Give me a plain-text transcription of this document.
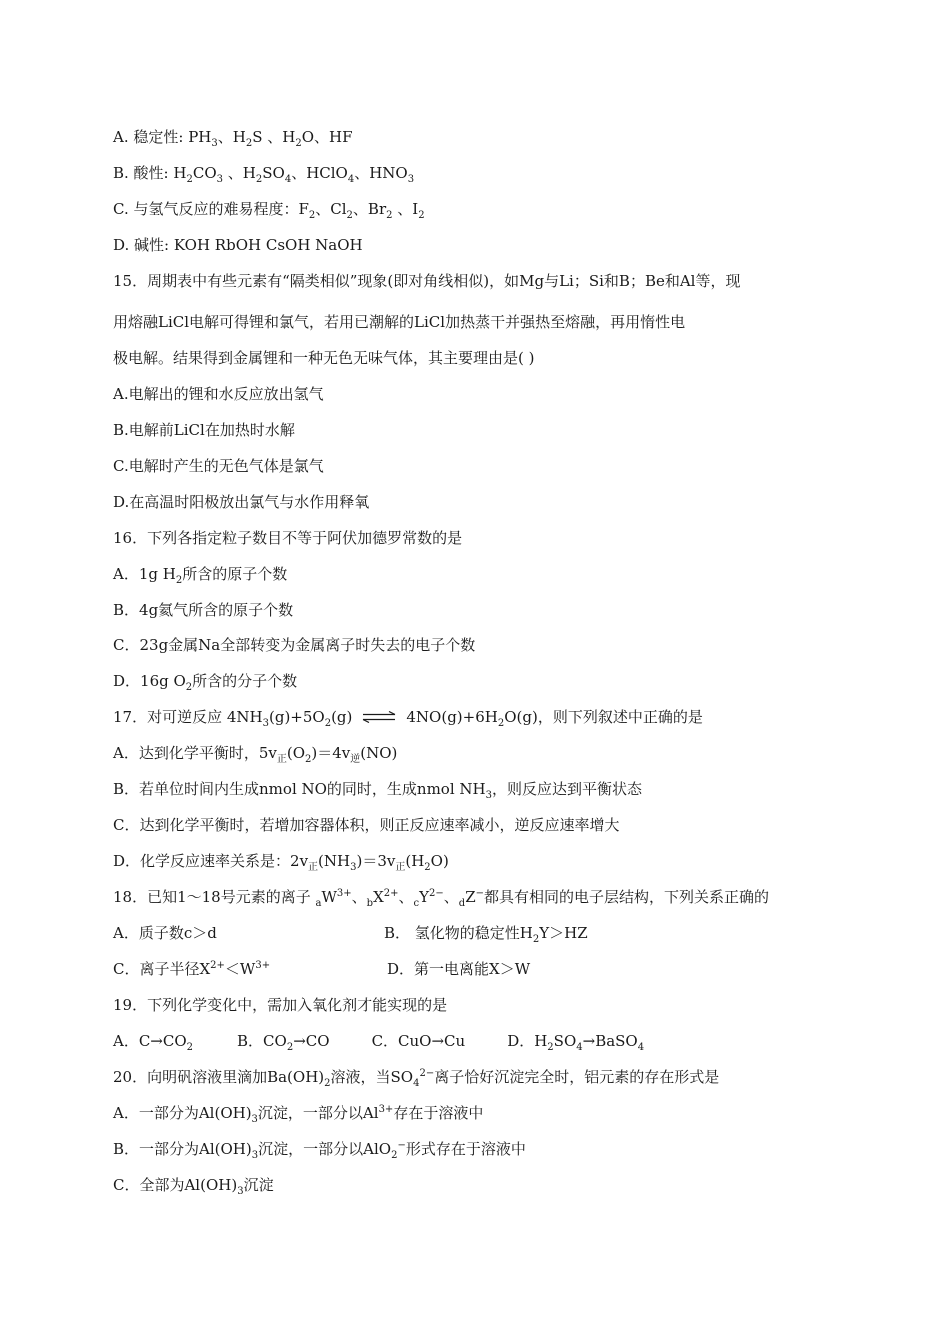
A. 稳定性: $PH_3$、$H_2S$ 、$H_2O$、HF
B. 酸性: $H_2CO_3$ 、$H_2SO_4$、HClO$_4$、$HNO_3$
C. 与氢气反应的难易程度：$F_2$、$Cl_2$、$Br_2$ 、$I_2$
D. 碱性: KOH RbOH CsOH NaOH
15．周期表中有些元素有“隔类相似”现象(即对角线相似)，如Mg与Li；Si和B；Be和Al等，现
用熔融LiCl电解可得锂和氯气，若用已潮解的LiCl加热蒸干并强热至熔融，再用惰性电
极电解。结果得到金属锂和一种无色无味气体，其主要理由是( )
A.电解出的锂和水反应放出氢气
B.电解前LiCl在加热时水解
C.电解时产生的无色气体是氯气
D.在高温时阳极放出氯气与水作用释氧
16．下列各指定粒子数目不等于阿伏加德罗常数的是
A．1g $H_2$所含的原子个数
B．4g氦气所含的原子个数
C．23g金属Na全部转变为金属离子时失去的电子个数
D．16g $O_2$所含的分子个数
17．对可逆反应 $4NH_3(g)+5O_2(g)$ ⇌ $4NO(g)+6H_2O(g)$，则下列叙述中正确的是
A．达到化学平衡时，$5v_正(O_2)=4v_逆(NO)$
B．若单位时间内生成nmol NO的同时，生成nmol $NH_3$，则反应达到平衡状态
C．达到化学平衡时，若增加容器体积，则正反应速率减小，逆反应速率增大
D．化学反应速率关系是：$2v_正(NH_3)=3v_正(H_2O)$
18．已知1～18号元素的离子 $_aW^{3+}$、$_bX^{2+}$、$_cY^{2-}$、$_d$Z−都具有相同的电子层结构，下列关系正确的
A．质子数c＞d	B． 氢化物的稳定性$H_2Y>HZ$
C．离子半径$X^{2+}<W^{3+}$	D．第一电离能X＞W
19．下列化学变化中，需加入氧化剂才能实现的是
A．$C\to CO_2$	B．$CO_2\to CO$	C．CuO→Cu	D．$H_2SO_4\to BaSO_4$
20．向明矾溶液里滴加$Ba(OH)_2$溶液，当$SO_4^{2-}$离子恰好沉淀完全时，铝元素的存在形式是
A．一部分为$Al(OH)_3$沉淀，一部分以$Al^{3+}$存在于溶液中
B．一部分为$Al(OH)_3$沉淀，一部分以AlO$_2$−形式存在于溶液中
C．全部为$Al(OH)_3$沉淀
